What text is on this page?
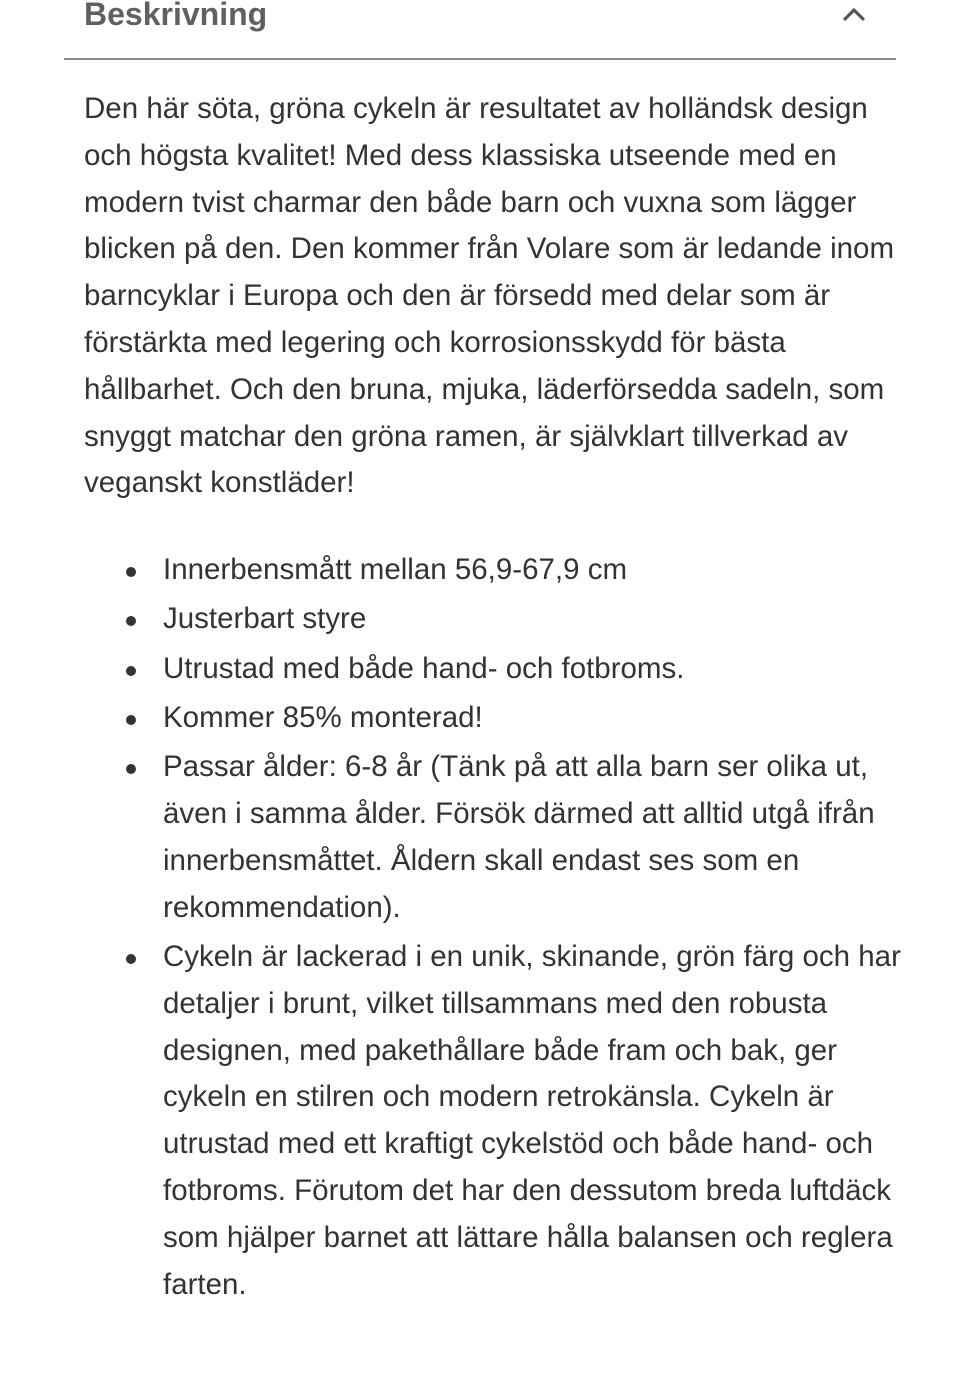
Beskrivning

Den här söta, gröna cykeln är resultatet av holländsk design och högsta kvalitet! Med dess klassiska utseende med en modern tvist charmar den både barn och vuxna som lägger blicken på den. Den kommer från Volare som är ledande inom barncyklar i Europa och den är försedd med delar som är förstärkta med legering och korrosionsskydd för bästa hållbarhet. Och den bruna, mjuka, läderförsedda sadeln, som snyggt matchar den gröna ramen, är självklart tillverkad av veganskt konstläder!

Innerbensmått mellan 56,9-67,9 cm
Justerbart styre
Utrustad med både hand- och fotbroms.
Kommer 85% monterad!
Passar ålder: 6-8 år (Tänk på att alla barn ser olika ut, även i samma ålder. Försök därmed att alltid utgå ifrån innerbensmåttet. Åldern skall endast ses som en rekommendation).
Cykeln är lackerad i en unik, skinande, grön färg och har detaljer i brunt, vilket tillsammans med den robusta designen, med pakethållare både fram och bak, ger cykeln en stilren och modern retrokänsla. Cykeln är utrustad med ett kraftigt cykelstöd och både hand- och fotbroms. Förutom det har den dessutom breda luftdäck som hjälper barnet att lättare hålla balansen och reglera farten.
